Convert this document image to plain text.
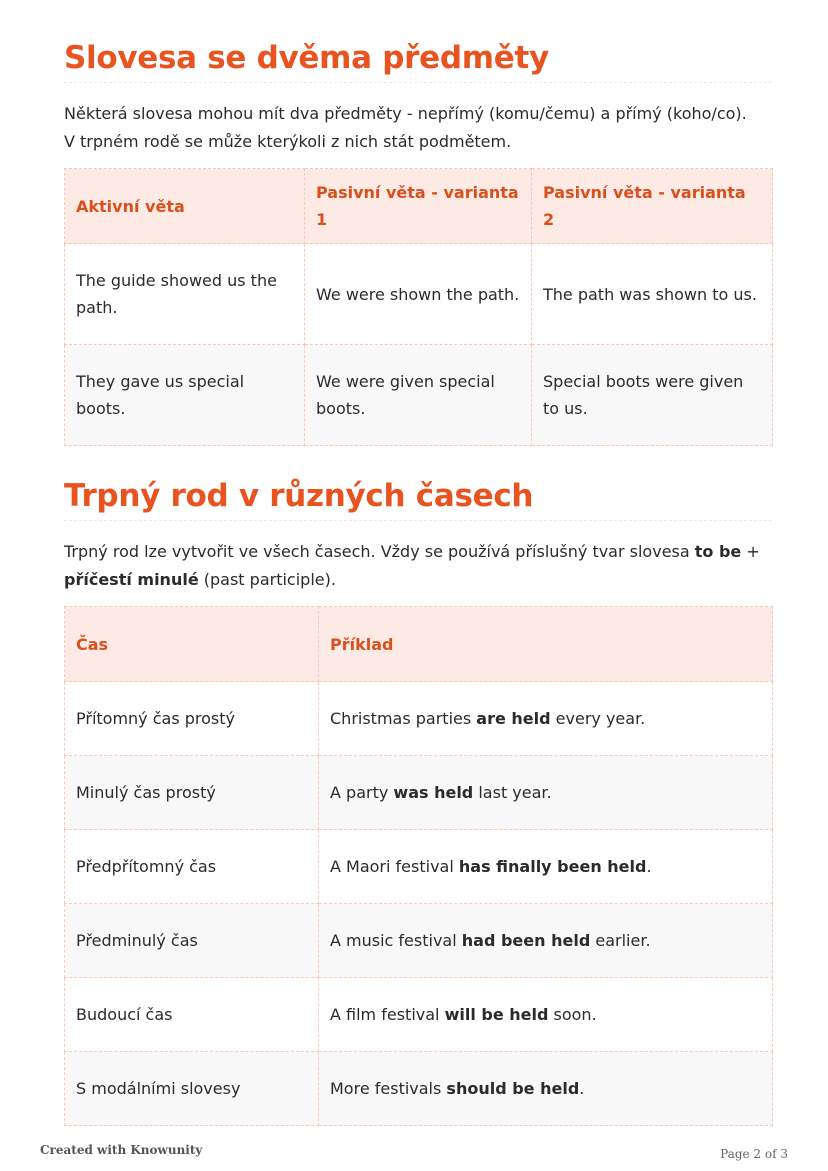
Slovesa se dvěma předměty

Některá slovesa mohou mít dva předměty - nepřímý (komu/čemu) a přímý (koho/co). V trpném rodě se může kterýkoli z nich stát podmětem.

Aktivní věta	Pasivní věta - varianta 1	Pasivní věta - varianta 2
The guide showed us the path.	We were shown the path.	The path was shown to us.
They gave us special boots.	We were given special boots.	Special boots were given to us.
Trpný rod v různých časech

Trpný rod lze vytvořit ve všech časech. Vždy se používá příslušný tvar slovesa to be + příčestí minulé (past participle).

Čas	Příklad
Přítomný čas prostý	Christmas parties are held every year.
Minulý čas prostý	A party was held last year.
Předpřítomný čas	A Maori festival has finally been held.
Předminulý čas	A music festival had been held earlier.
Budoucí čas	A film festival will be held soon.
S modálními slovesy	More festivals should be held.
Created with Knowunity	Page 2 of 3
